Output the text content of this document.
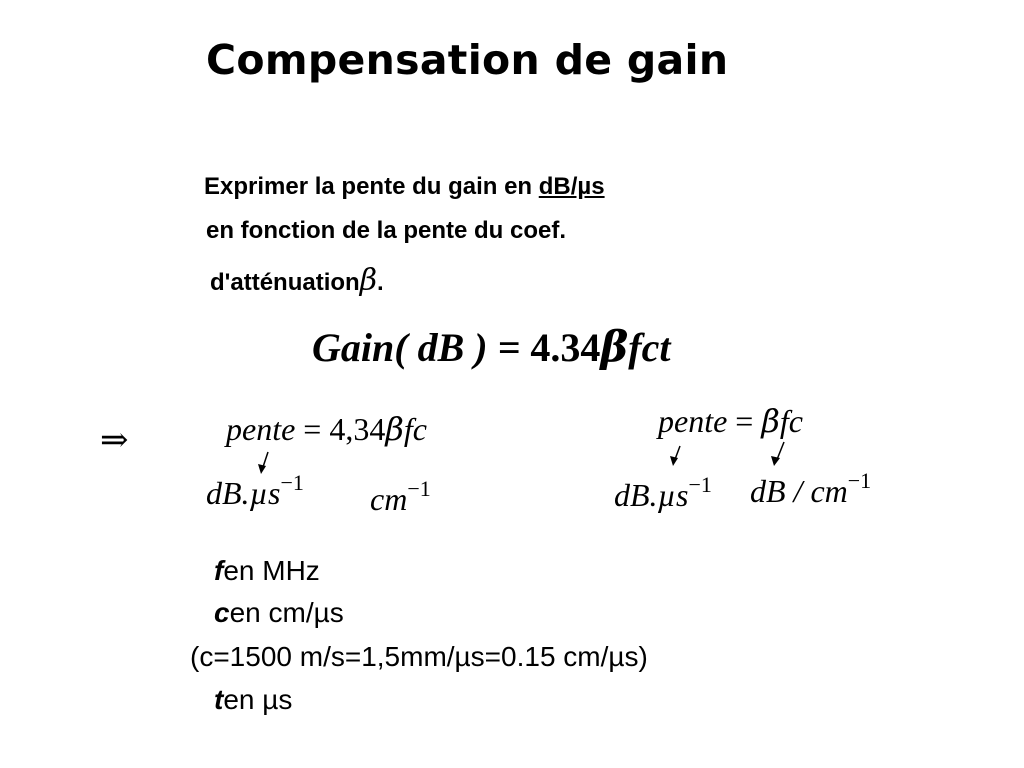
Compensation de gain
Exprimer la pente du gain en dB/µs
en fonction de la pente du coef.
d'atténuationβ.
Gain( dB ) = 4.34βfct
⇒	pente = 4,34βfc
dB.µs$^{-1}$ $cm^{-1}$
pente = βfc
dB.µs$^{-1}$ dB / $cm^{-1}$
fen MHz
cen cm/µs
(c=1500 m/s=1,5mm/µs=0.15 cm/µs)
ten µs
